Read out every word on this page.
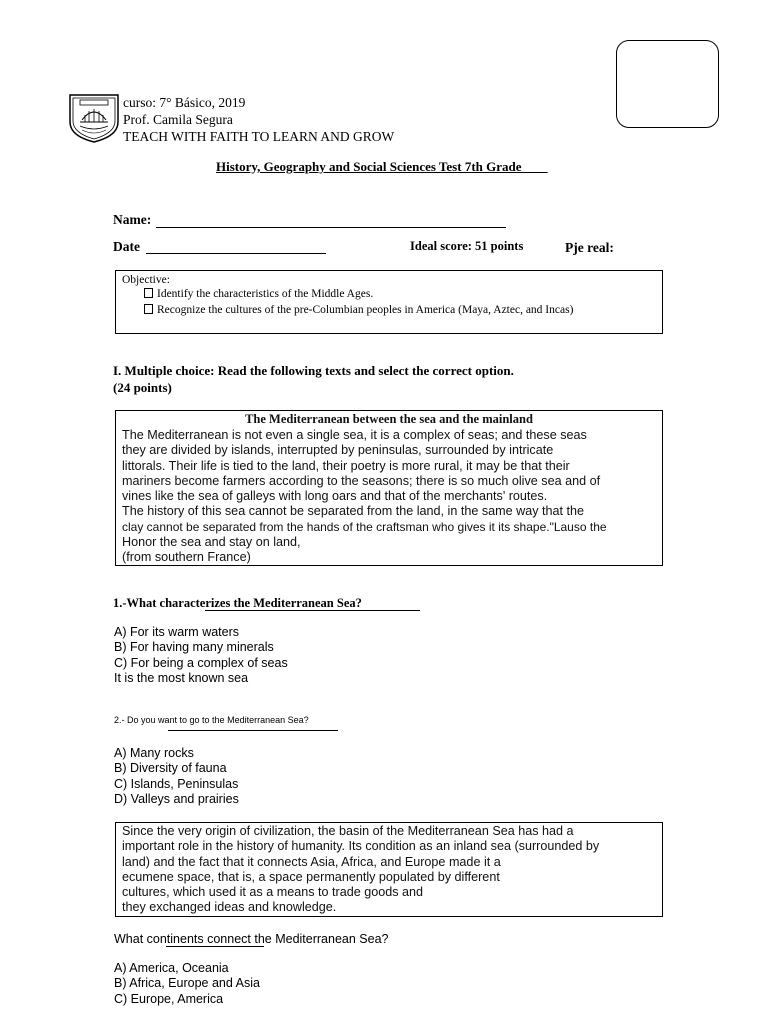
curso: 7° Básico, 2019
Prof. Camila Segura
TEACH WITH FAITH TO LEARN AND GROW
History, Geography and Social Sciences Test 7th Grade____
Name:
Date	Ideal score: 51 points	Pje real:
Objective:
Identify the characteristics of the Middle Ages.
Recognize the cultures of the pre-Columbian peoples in America (Maya, Aztec, and Incas)
I. Multiple choice: Read the following texts and select the correct option.
(24 points)
The Mediterranean between the sea and the mainland

The Mediterranean is not even a single sea, it is a complex of seas; and these seas

they are divided by islands, interrupted by peninsulas, surrounded by intricate

littorals. Their life is tied to the land, their poetry is more rural, it may be that their

mariners become farmers according to the seasons; there is so much olive sea and of

vines like the sea of galleys with long oars and that of the merchants' routes.

The history of this sea cannot be separated from the land, in the same way that the

clay cannot be separated from the hands of the craftsman who gives it its shape."Lauso the

Honor the sea and stay on land,

(from southern France)

1.-What characterizes the Mediterranean Sea?
A) For its warm waters
B) For having many minerals
C) For being a complex of seas
It is the most known sea
2.- Do you want to go to the Mediterranean Sea?
A) Many rocks
B) Diversity of fauna
C) Islands, Peninsulas
D) Valleys and prairies

Since the very origin of civilization, the basin of the Mediterranean Sea has had a

important role in the history of humanity. Its condition as an inland sea (surrounded by

land) and the fact that it connects Asia, Africa, and Europe made it a

ecumene space, that is, a space permanently populated by different

cultures, which used it as a means to trade goods and

they exchanged ideas and knowledge.

What continents connect the Mediterranean Sea?
A) America, Oceania
B) Africa, Europe and Asia
C) Europe, America
